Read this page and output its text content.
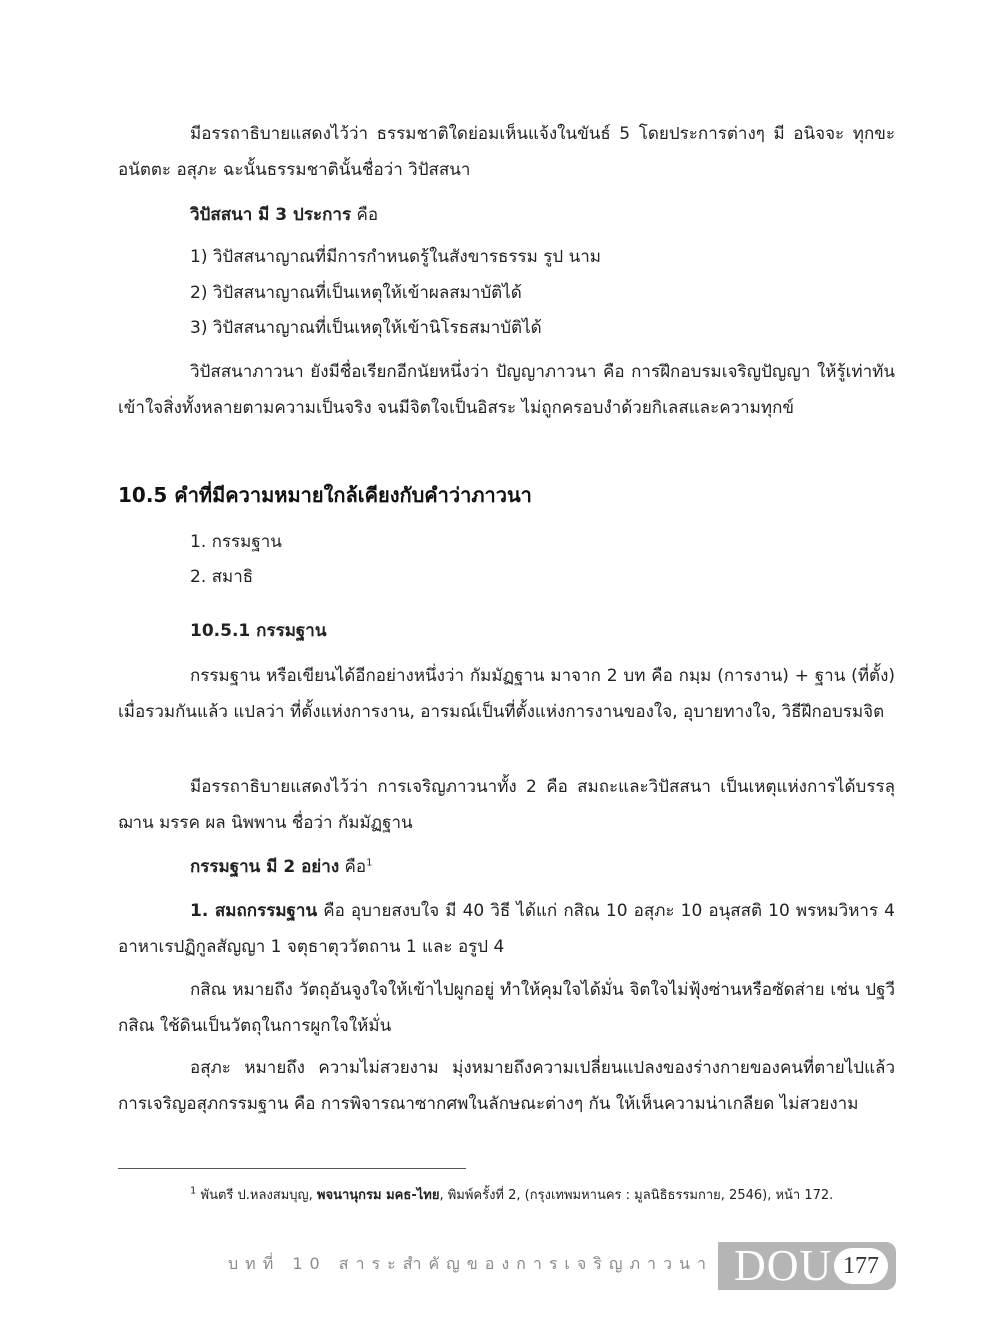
มีอรรถาธิบายแสดงไว้ว่า ธรรมชาติใดย่อมเห็นแจ้งในขันธ์ 5 โดยประการต่างๆ มี อนิจจะ ทุกขะ อนัตตะ อสุภะ ฉะนั้นธรรมชาตินั้นชื่อว่า วิปัสสนา

วิปัสสนา มี 3 ประการ คือ

1) วิปัสสนาญาณที่มีการกำหนดรู้ในสังขารธรรม รูป นาม

2) วิปัสสนาญาณที่เป็นเหตุให้เข้าผลสมาบัติได้

3) วิปัสสนาญาณที่เป็นเหตุให้เข้านิโรธสมาบัติได้

วิปัสสนาภาวนา ยังมีชื่อเรียกอีกนัยหนึ่งว่า ปัญญาภาวนา คือ การฝึกอบรมเจริญปัญญา ให้รู้เท่าทันเข้าใจสิ่งทั้งหลายตามความเป็นจริง จนมีจิตใจเป็นอิสระ ไม่ถูกครอบงำด้วยกิเลสและความทุกข์

10.5 คำที่มีความหมายใกล้เคียงกับคำว่าภาวนา

1. กรรมฐาน

2. สมาธิ

10.5.1 กรรมฐาน

กรรมฐาน หรือเขียนได้อีกอย่างหนึ่งว่า กัมมัฏฐาน มาจาก 2 บท คือ กมฺม (การงาน) + ฐาน (ที่ตั้ง) เมื่อรวมกันแล้ว แปลว่า ที่ตั้งแห่งการงาน, อารมณ์เป็นที่ตั้งแห่งการงานของใจ, อุบายทางใจ, วิธีฝึกอบรมจิต

มีอรรถาธิบายแสดงไว้ว่า การเจริญภาวนาทั้ง 2 คือ สมถะและวิปัสสนา เป็นเหตุแห่งการได้บรรลุฌาน มรรค ผล นิพพาน ชื่อว่า กัมมัฏฐาน

กรรมฐาน มี 2 อย่าง คือ$^1$

1. สมถกรรมฐาน คือ อุบายสงบใจ มี 40 วิธี ได้แก่ กสิณ 10 อสุภะ 10 อนุสสติ 10 พรหมวิหาร 4 อาหาเรปฏิกูลสัญญา 1 จตุธาตุววัตถาน 1 และ อรูป 4

กสิณ หมายถึง วัตถุอันจูงใจให้เข้าไปผูกอยู่ ทำให้คุมใจได้มั่น จิตใจไม่ฟุ้งซ่านหรือซัดส่าย เช่น ปฐวีกสิณ ใช้ดินเป็นวัตถุในการผูกใจให้มั่น

อสุภะ หมายถึง ความไม่สวยงาม มุ่งหมายถึงความเปลี่ยนแปลงของร่างกายของคนที่ตายไปแล้ว การเจริญอสุภกรรมฐาน คือ การพิจารณาซากศพในลักษณะต่างๆ กัน ให้เห็นความน่าเกลียด ไม่สวยงาม

$^1$ พันตรี ป.หลงสมบุญ, พจนานุกรม มคธ-ไทย, พิมพ์ครั้งที่ 2, (กรุงเทพมหานคร : มูลนิธิธรรมกาย, 2546), หน้า 172.

บทที่ 10 สาระสำคัญของการเจริญภาวนา DOU 177
